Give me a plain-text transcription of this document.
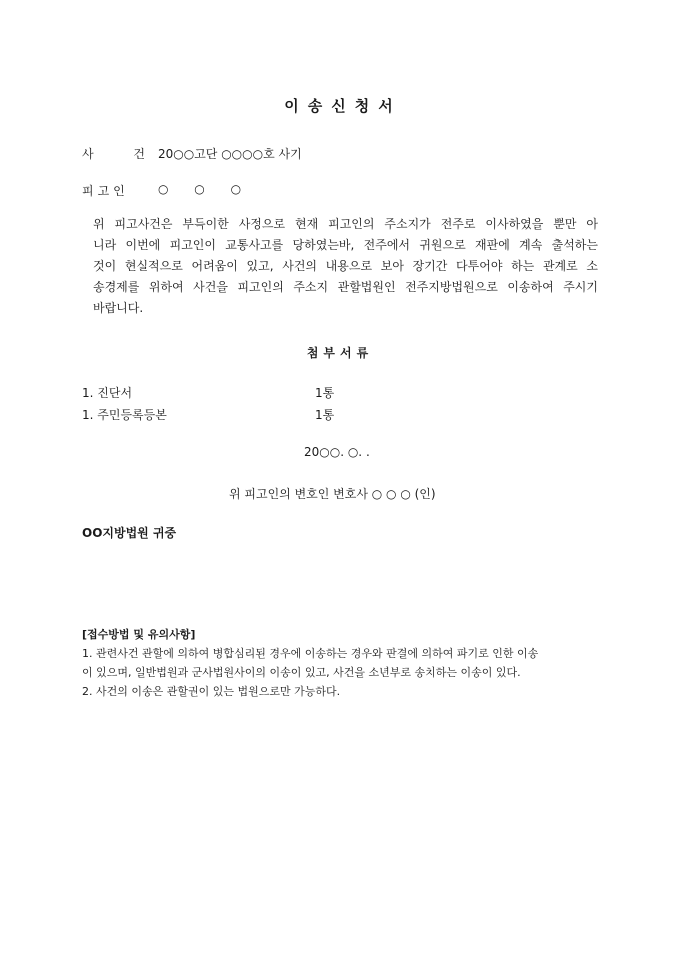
이송신청서
사 건
20○○고단 ○○○○호 사기
피고인 ○ ○ ○
위 피고사건은 부득이한 사정으로 현재 피고인의 주소지가 전주로 이사하였을 뿐만 아
니라 이번에 피고인이 교통사고를 당하였는바, 전주에서 귀원으로 재판에 계속 출석하는
것이 현실적으로 어려움이 있고, 사건의 내용으로 보아 장기간 다투어야 하는 관계로 소
송경제를 위하여 사건을 피고인의 주소지 관할법원인 전주지방법원으로 이송하여 주시기
바랍니다.
첨부서류
1. 진단서	1통
1. 주민등록등본	1통
20○○. ○. .
위 피고인의 변호인 변호사 ○ ○ ○ (인)
OO지방법원 귀중
[접수방법 및 유의사항]
1. 관련사건 관할에 의하여 병합심리된 경우에 이송하는 경우와 판결에 의하여 파기로 인한 이송
이 있으며, 일반법원과 군사법원사이의 이송이 있고, 사건을 소년부로 송치하는 이송이 있다.
2. 사건의 이송은 관할권이 있는 법원으로만 가능하다.
